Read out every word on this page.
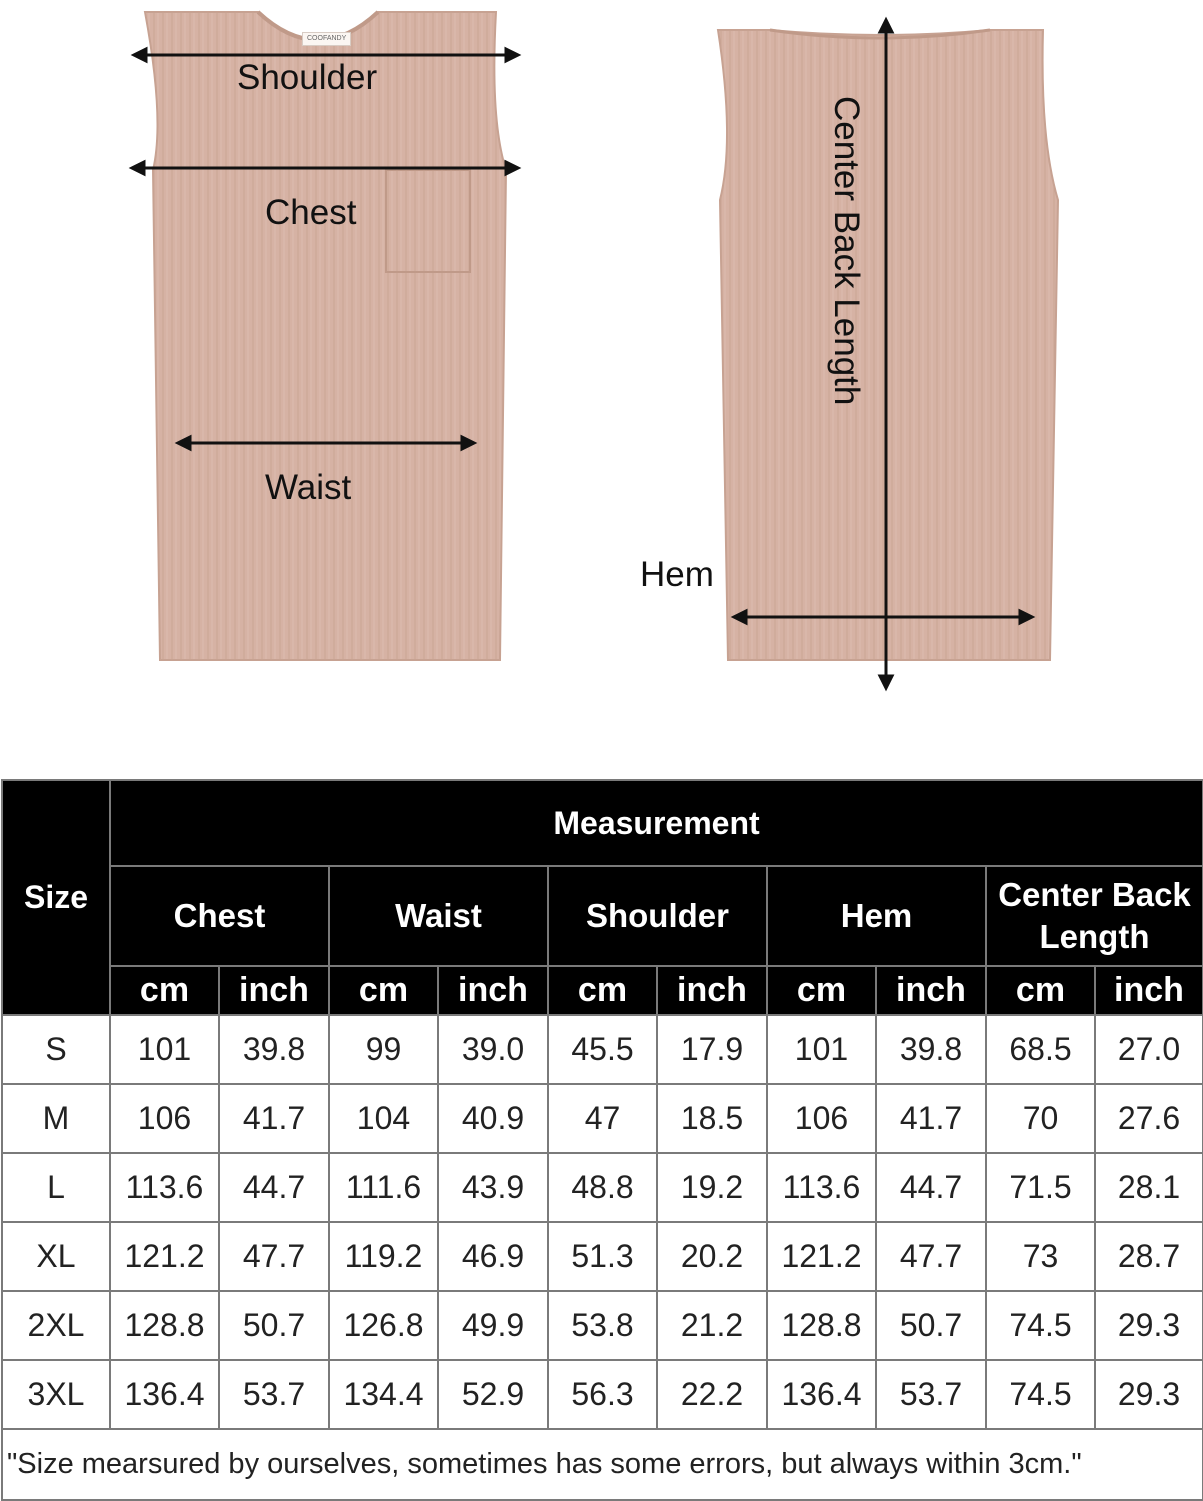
COOFANDY
Shoulder
Chest
Waist
Hem
Center Back Length
Size	Measurement									
	Chest		Waist		Shoulder		Hem		Center Back
Length	
	cm	inch	cm	inch	cm	inch	cm	inch	cm	inch
S	101	39.8	99	39.0	45.5	17.9	101	39.8	68.5	27.0
M	106	41.7	104	40.9	47	18.5	106	41.7	70	27.6
L	113.6	44.7	111.6	43.9	48.8	19.2	113.6	44.7	71.5	28.1
XL	121.2	47.7	119.2	46.9	51.3	20.2	121.2	47.7	73	28.7
2XL	128.8	50.7	126.8	49.9	53.8	21.2	128.8	50.7	74.5	29.3
3XL	136.4	53.7	134.4	52.9	56.3	22.2	136.4	53.7	74.5	29.3
"Size mearsured by ourselves, sometimes has some errors, but always within 3cm."										
